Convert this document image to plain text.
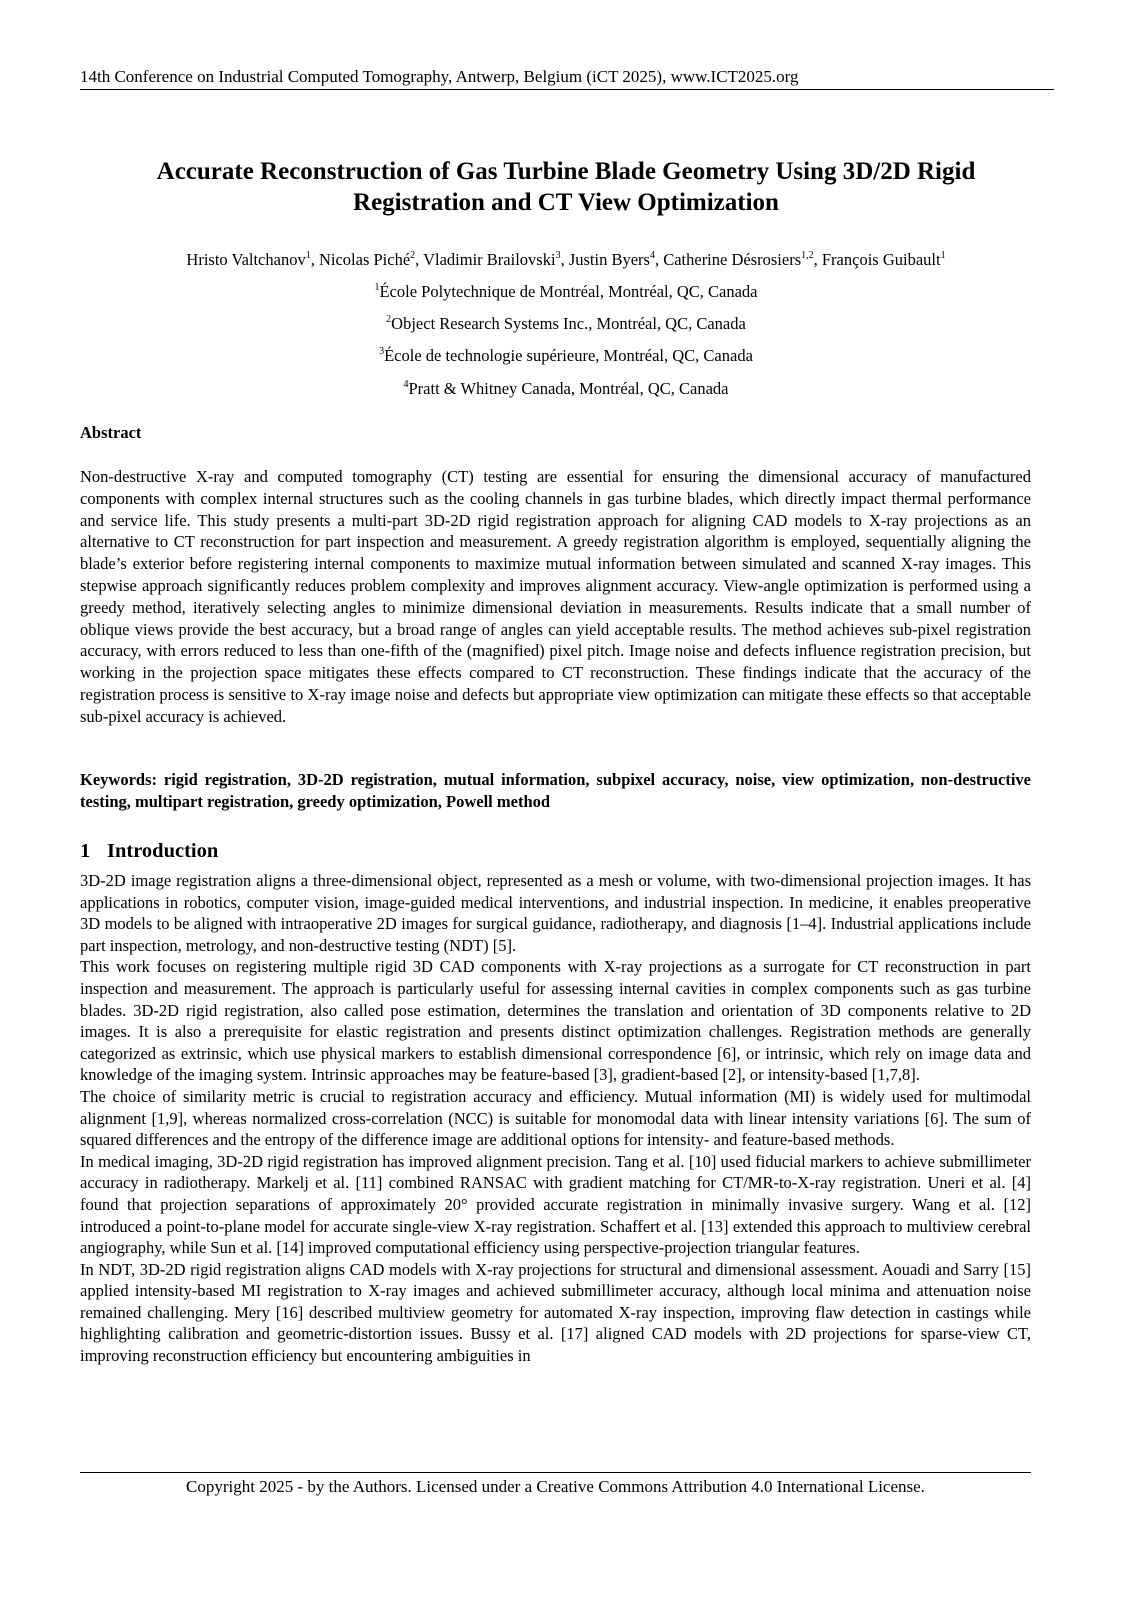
14th Conference on Industrial Computed Tomography, Antwerp, Belgium (iCT 2025), www.ICT2025.org
Accurate Reconstruction of Gas Turbine Blade Geometry Using 3D/2D Rigid
Registration and CT View Optimization
Hristo Valtchanov$^1$, Nicolas Piché$^2$, Vladimir Brailovski$^3$, Justin Byers$^4$, Catherine Désrosiers$^{1,2}$, François Guibault$^1$
$^1$École Polytechnique de Montréal, Montréal, QC, Canada
$^2$Object Research Systems Inc., Montréal, QC, Canada
$^3$École de technologie supérieure, Montréal, QC, Canada
$^4$Pratt & Whitney Canada, Montréal, QC, Canada
Abstract
Non-destructive X-ray and computed tomography (CT) testing are essential for ensuring the dimensional accuracy of manufactured components with complex internal structures such as the cooling channels in gas turbine blades, which directly impact thermal performance and service life. This study presents a multi-part 3D-2D rigid registration approach for aligning CAD models to X-ray projections as an alternative to CT reconstruction for part inspection and measurement. A greedy registration algorithm is employed, sequentially aligning the blade’s exterior before registering internal components to maximize mutual information between simulated and scanned X-ray images. This stepwise approach significantly reduces problem complexity and improves alignment accuracy. View-angle optimization is performed using a greedy method, iteratively selecting angles to minimize dimensional deviation in measurements. Results indicate that a small number of oblique views provide the best accuracy, but a broad range of angles can yield acceptable results. The method achieves sub-pixel registration accuracy, with errors reduced to less than one-fifth of the (magnified) pixel pitch. Image noise and defects influence registration precision, but working in the projection space mitigates these effects compared to CT reconstruction. These findings indicate that the accuracy of the registration process is sensitive to X-ray image noise and defects but appropriate view optimization can mitigate these effects so that acceptable sub-pixel accuracy is achieved.
Keywords: rigid registration, 3D-2D registration, mutual information, subpixel accuracy, noise, view optimization, non-destructive testing, multipart registration, greedy optimization, Powell method
1 Introduction

3D-2D image registration aligns a three-dimensional object, represented as a mesh or volume, with two-dimensional projection images. It has applications in robotics, computer vision, image-guided medical interventions, and industrial inspection. In medicine, it enables preoperative 3D models to be aligned with intraoperative 2D images for surgical guidance, radiotherapy, and diagnosis [1–4]. Industrial applications include part inspection, metrology, and non-destructive testing (NDT) [5].

This work focuses on registering multiple rigid 3D CAD components with X-ray projections as a surrogate for CT reconstruction in part inspection and measurement. The approach is particularly useful for assessing internal cavities in complex components such as gas turbine blades. 3D-2D rigid registration, also called pose estimation, determines the translation and orientation of 3D components relative to 2D images. It is also a prerequisite for elastic registration and presents distinct optimization challenges. Registration methods are generally categorized as extrinsic, which use physical markers to establish dimensional correspondence [6], or intrinsic, which rely on image data and knowledge of the imaging system. Intrinsic approaches may be feature-based [3], gradient-based [2], or intensity-based [1,7,8].

The choice of similarity metric is crucial to registration accuracy and efficiency. Mutual information (MI) is widely used for multimodal alignment [1,9], whereas normalized cross-correlation (NCC) is suitable for monomodal data with linear intensity variations [6]. The sum of squared differences and the entropy of the difference image are additional options for intensity- and feature-based methods.

In medical imaging, 3D-2D rigid registration has improved alignment precision. Tang et al. [10] used fiducial markers to achieve submillimeter accuracy in radiotherapy. Markelj et al. [11] combined RANSAC with gradient matching for CT/MR-to-X-ray registration. Uneri et al. [4] found that projection separations of approximately 20° provided accurate registration in minimally invasive surgery. Wang et al. [12] introduced a point-to-plane model for accurate single-view X-ray registration. Schaffert et al. [13] extended this approach to multiview cerebral angiography, while Sun et al. [14] improved computational efficiency using perspective-projection triangular features.

In NDT, 3D-2D rigid registration aligns CAD models with X-ray projections for structural and dimensional assessment. Aouadi and Sarry [15] applied intensity-based MI registration to X-ray images and achieved submillimeter accuracy, although local minima and attenuation noise remained challenging. Mery [16] described multiview geometry for automated X-ray inspection, improving flaw detection in castings while highlighting calibration and geometric-distortion issues. Bussy et al. [17] aligned CAD models with 2D projections for sparse-view CT, improving reconstruction efficiency but encountering ambiguities in

Copyright 2025 - by the Authors. Licensed under a Creative Commons Attribution 4.0 International License.
